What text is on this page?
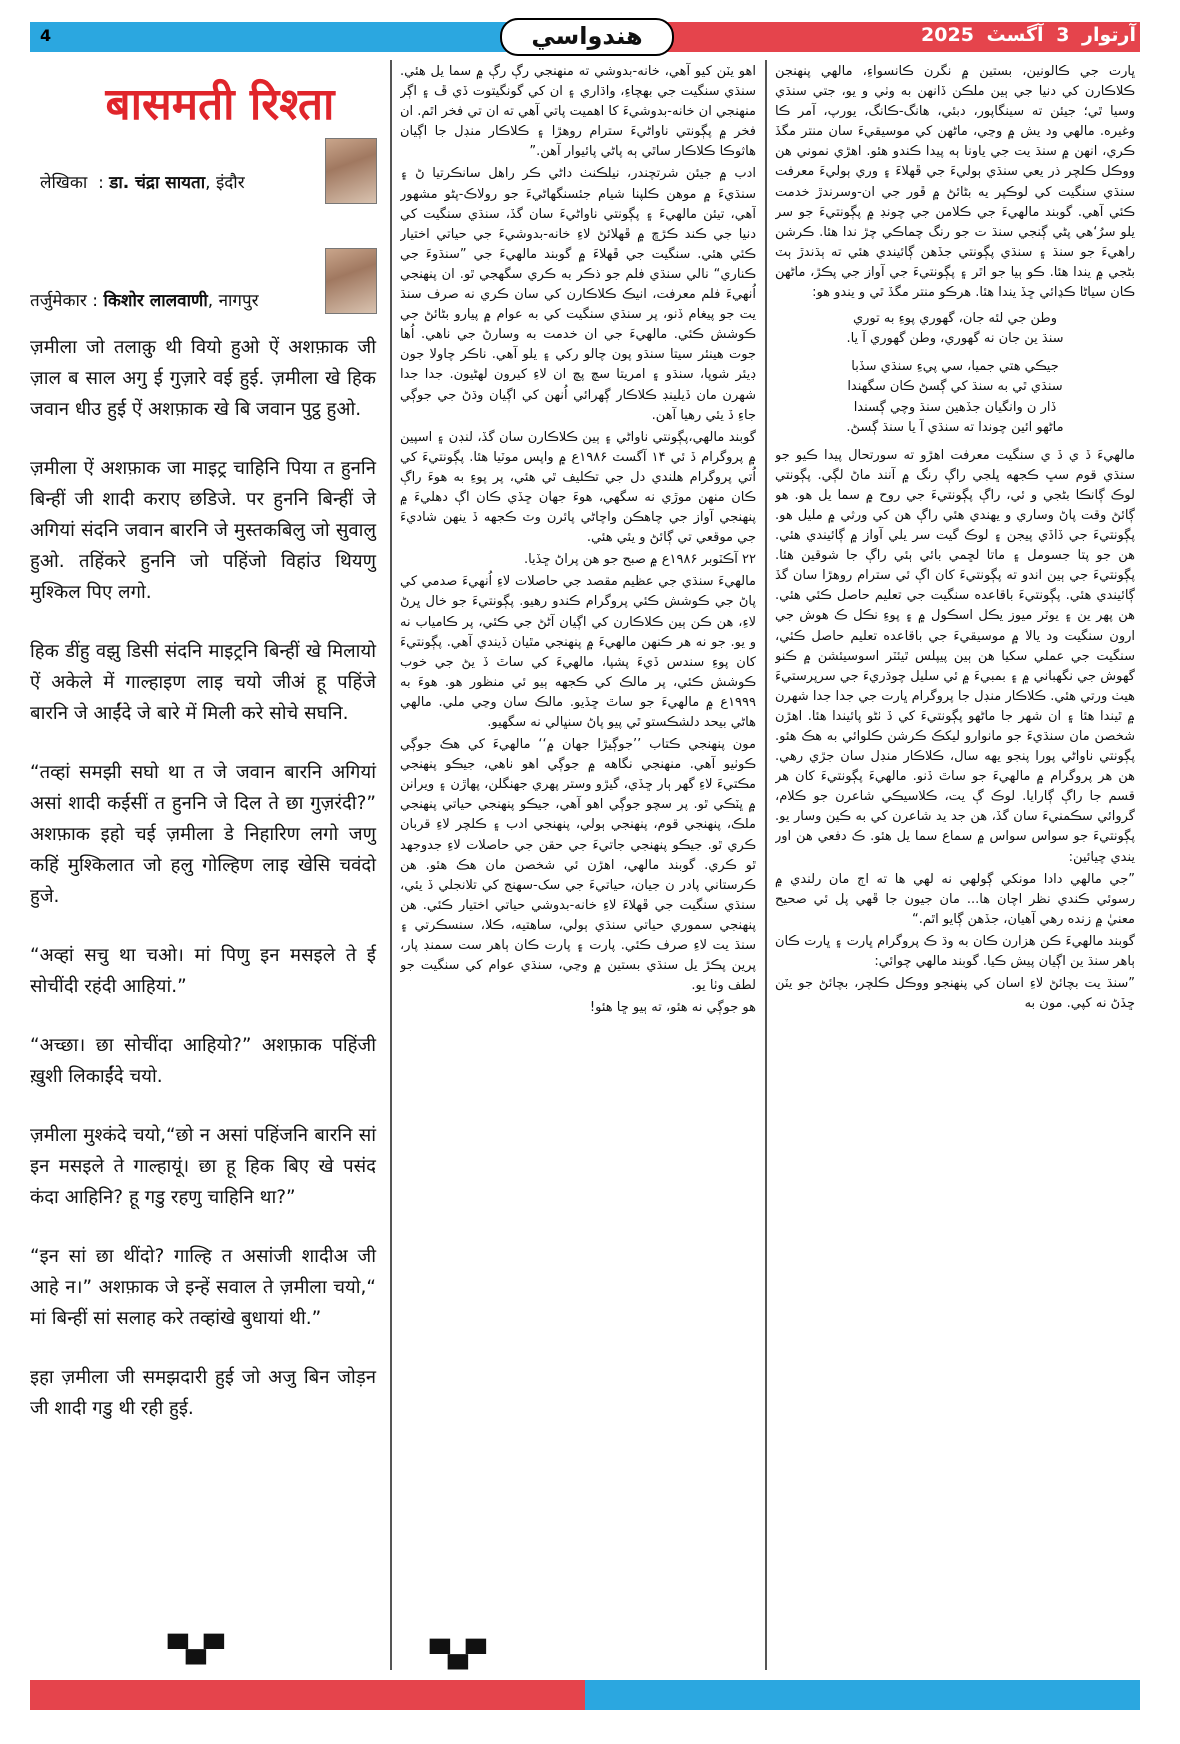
4	هندواسي	آرتوار 3 آگسٽ 2025
बासमती रिश्ता
लेखिका  : डा. चंद्रा सायता, इंदौर
तर्जुमेकार : किशोर लालवाणी, नागपुर

ज़मीला जो तलाक़ु थी वियो हुओ ऐं अशफ़ाक जी ज़ाल ब साल अगु ई गुज़ारे वई हुई. ज़मीला खे हिक जवान धीउ हुई ऐं अशफ़ाक खे बि जवान पुट्ठ हुओ.

ज़मीला ऐं अशफ़ाक जा माइट्र चाहिनि पिया त हुननि बिन्हीं जी शादी कराए छडिजे. पर हुननि बिन्हीं जे अगियां संदनि जवान बारनि जे मुस्तकबिलु जो सुवालु हुओ. तहिंकरे हुननि जो पहिंजो विहांउ थियणु मुश्किल पिए लगो.

हिक डींहु वझु डिसी संदनि माइट्रनि बिन्हीं खे मिलायो ऐं अकेले में गाल्हाइण लाइ चयो जीअं हू पहिंजे बारनि जे आईंदे जे बारे में मिली करे सोचे सघनि.

“तव्हां समझी सघो था त जे जवान बारनि अगियां असां शादी कईसीं त हुननि जे दिल ते छा गुज़रंदी?” अशफ़ाक इहो चई ज़मीला डे निहारिण लगो जणु कहिं मुश्किलात जो हलु गोल्हिण लाइ खेसि चवंदो हुजे.

“अव्हां सचु था चओ। मां पिणु इन मसइले ते ई सोचींदी रहंदी आहियां.”

“अच्छा। छा सोचींदा आहियो?” अशफ़ाक पहिंजी ख़ुशी लिकाईंदे चयो.

ज़मीला मुश्कंदे चयो,“छो न असां पहिंजनि बारनि सां इन मसइले ते गाल्हायूं। छा हू हिक बिए खे पसंद कंदा आहिनि? हू गडु रहणु चाहिनि था?”

“इन सां छा थींदो? गाल्हि त असांजी शादीअ जी आहे न।” अशफ़ाक जे इन्हें सवाल ते ज़मीला चयो,“ मां बिन्हीं सां सलाह करे तव्हांखे बुधायां थी.”

इहा ज़मीला जी समझदारी हुई जो अजु बिन जोड़न जी शादी गडु थी रही हुई.

▀▄▀

اهو يٽن کيو آهي، خانه-بدوشي ته منهنجي رڳ رڳ ۾ سما يل هئي. سنڌي سنگيت جي بهچاءِ، واڌاري ۽ ان کي گونگيتوت ڏي ڦ ۽ اڳر منهنجي ان خانه-بدوشيءَ کا اهميت پاتي آهي ته ان تي فخر اٿم. ان فخر ۾ پڳونتي ناواڻيءَ سترام روهڙا ۽ ڪلاڪار منڊل جا اڳيان هاثوڪا ڪلاڪار ساٿي ٻه پاڻي پائيوار آهن.”

ادب ۾ جيئن شرتچندر، نيلڪنٺ داڻي ڪر راهل سانڪرتيا ڻ ۽ سنڌيءَ ۾ موهن ڪلپنا شيام جئسنگهاڻيءَ جو رولاڪ-پڻو مشهور آهي، تيئن مالهيءَ ۽ پڳونتي ناواڻيءَ سان گڏ، سنڌي سنگيت کي دنيا جي ڪند ڪڙڇ ۾ ڦهلائڻ لاءِ خانه-بدوشيءَ جي حياتي اختيار ڪئي هئي. سنگيت جي ڦهلاءَ ۾ گوبند مالهيءَ جي ”سنڌوءَ جي ڪناري“ نالي سنڌي فلم جو ذڪر به ڪري سگهجي ٿو. ان پنهنجي اُنهيءَ فلم معرفت، انيڪ ڪلاڪارن کي سان ڪري نه صرف سنڌ يت جو پيغام ڏنو، پر سنڌي سنگيت کي به عوام ۾ پيارو بڻائڻ جي ڪوشش ڪئي. مالهيءَ جي ان خدمت به وسارڻ جي ناهي. اُها جوت هينئر سيتا سنڌو پون چالو رکي ۽ يلو آهي. ناڪر چاولا جون ڊيئر شوپا، سنڌو ۽ امريتا سچ پچ ان لاءِ کيرون لهڻيون. جدا جدا شهرن مان ڏيلينڊ ڪلاڪار ڳهرائي اُنهن کي اڳيان وڌڻ جي جوڳي جاءِ ڏ يئي رهيا آهن.

گوبند مالهي،پڳونتي ناواڻي ۽ ٻين ڪلاڪارن سان گڏ، لنڊن ۽ اسپين ۾ پروگرام ڏ ئي ۱۴ آگسٽ ۱۹۸۶ع ۾ واپس موٽيا هئا. پڳونتيءَ کي اُتي پروگرام هلندي دل جي تڪليف ٿي هئي، پر پوءِ به هوءَ راڳ ڪان منهن موڙي نه سگهي، هوءَ جهان ڇڏي ڪان اڳ دهليءَ ۾ پنهنجي آواز جي چاهڪن واچاڻي پائرن وٽ ڪجهه ڏ ينهن شاديءَ جي موقعي تي ڳائڻ و يئي هئي.

۲۲ آڪٽوبر ۱۹۸۶ع ۾ صبح جو هن پراڻ ڇڏيا.

مالهيءَ سنڌي جي عظيم مقصد جي حاصلات لاءِ اُنهيءَ صدمي کي پاڻ جي ڪوشش ڪئي پروگرام ڪندو رهيو. پڳونتيءَ جو خال ڀرڻ لاءِ، هن ڪن ٻين ڪلاڪارن کي اڳيان آڻڻ جي ڪئي، پر ڪامياب نه و يو. جو نه هر ڪنهن مالهيءَ ۾ پنهنجي مٿيان ڏيندي آهي. پڳونتيءَ کان پوءِ سندس ڏيءَ پشپا، مالهيءَ کي ساٿ ڏ يڻ جي خوب ڪوشش ڪئي، پر مالڪ کي ڪجهه ٻيو ئي منظور هو. هوءَ به ۱۹۹۹ع ۾ مالهيءَ جو ساٿ ڇڏيو. مالڪ سان وڃي ملي. مالهي هاڻي بيحد دلشڪستو ٿي پيو پاڻ سنڀالي نه سگهيو.

مون پنهنجي ڪتاب ’’جوڳيڙا جهان ۾‘‘ مالهيءَ کي هڪ جوڳي ڪوٺيو آهي. منهنجي نگاهه ۾ جوڳي اهو ناهي، جيڪو پنهنجي مڪتيءَ لاءِ گهر ٻار ڇڏي، گيڙو وستر پهري جهنگلن، پهاڙن ۽ ويرانن ۾ ڀٽڪي ٿو. پر سچو جوڳي اهو آهي، جيڪو پنهنجي حياتي پنهنجي ملڪ، پنهنجي قوم، پنهنجي ٻولي، پنهنجي ادب ۽ ڪلچر لاءِ قربان ڪري ٿو. جيڪو پنهنجي جاتيءَ جي حقن جي حاصلات لاءِ جدوجهد ٿو ڪري. گوبند مالهي، اهڙن ئي شخصن مان هڪ هئو. هن ڪرستاني پادر ن جيان، حياتيءَ جي سک-سهنج کي تلانجلي ڏ يئي، سنڌي سنگيت جي ڦهلاءَ لاءِ خانه-بدوشي حياتي اختيار ڪئي. هن پنهنجي سموري حياتي سنڌي ٻولي، ساهتيه، ڪلا، سنسڪرتي ۽ سنڌ يت لاءِ صرف ڪئي. پارت ۽ پارت ڪان ٻاهر ست سمنڊ پار، پرين پڪڙ يل سنڌي بستين ۾ وڃي، سنڌي عوام کي سنگيت جو لطف وٺا يو.

هو جوڳي نه هئو، ته ٻيو ڇا هئو!

▀▄▀

ڀارت جي ڪالونين، بستين ۾ نگرن ڪانسواءِ، مالهي پنهنجن ڪلاڪارن کي دنيا جي ٻين ملڪن ڏانهن به وٺي و يو، جتي سنڌي وسيا ٿي؛ جيئن ته سينگاپور، دبئي، هانگ-ڪانگ، يورپ، آمر ڪا وغيره. مالهي ود يش ۾ وڃي، ماڻهن کي موسيقيءَ سان منتر مگڏ ڪري، انهن ۾ سنڌ يت جي ياونا ٻه پيدا ڪندو هئو. اهڙي نموني هن ووڪل ڪلچر ذر يعي سنڌي ٻوليءَ جي ڦهلاءَ ۽ وري ٻوليءَ معرفت سنڌي سنگيت کي لوڪپر يه بڻائڻ ۾ ڦور جي ان-وسرندڙ خدمت ڪئي آهي. گوبند مالهيءَ جي ڪلامن جي چونڊ ۾ پڳونتيءَ جو سر يلو سرُ‘هي پڻي ڳنجي سنڌ ت جو رنگ چماڪي چڙ ندا هئا. ڪرشن راهيءَ جو سنڌ ۽ سنڌي پڳونتي جڏهن ڳائيندي هئي ته ٻڌندڙ ٻٽ بڻجي ۾ يندا هئا. ڪو ٻيا جو اٿر ۽ پڳونتيءَ جي آواز جي پڪڙ، ماڻهن ڪان سياڻا ڪڍائي ڇڏ يندا هئا. هرڪو منتر مگڏ ٿي و يندو هو:

وطن جي لئه جان، گهوري پوءِ به توري
سنڌ ين جان نه گهوري، وطن گهوري آ يا.
جيڪي هتي جميا، سي پيءِ سنڌي سڏبا
سنڌي ٿي به سنڌ کي ڳسڻ ڪان سگهندا
ڏار ن وانگيان جڏهين سنڌ وچي ڳسندا
ماڻهو ائين چوندا ته سنڌي آ يا سنڌ ڳسڻ.

مالهيءَ ڏ ي ڏ ي سنگيت معرفت اهڙو ته سورتحال پيدا ڪيو جو سنڌي قوم سڀ ڪجهه ڀلجي راڳ رنگ ۾ آنند ماڻ لڳي. پڳونتي لوڪ ڳانڪا بڻجي و ئي، راڳ پڳونتيءَ جي روح ۾ سما يل هو. هو ڳائڻ وقت پاڻ وساري و يهندي هئي راڳ هن کي ورثي ۾ مليل هو. پڳونتيءَ جي ڏاڏي پيجن ۽ لوڪ گيت سر يلي آواز ۾ ڳائيندي هئي. هن جو پتا جسومل ۽ ماتا لڇمي بائي ٻئي راڳ جا شوقين هئا. پڳونتيءَ جي ٻين اندو ته پڳونتيءَ کان اڳ ئي سترام روهڙا سان گڏ ڳائيندي هئي. پڳونتيءَ باقاعده سنگيت جي تعليم حاصل ڪئي هئي. هن پهر ين ۽ يوٽر ميوز يڪل اسڪول ۾ ۽ پوءِ نڪل ڪ هوش جي ارون سنگيت ود يالا ۾ موسيقيءَ جي باقاعده تعليم حاصل ڪئي، سنگيت جي عملي سکيا هن ٻين پيپلس ٿيئٽر اسوسيئشن ۾ ڪنو گهوش جي نگهباني ۾ ۽ بمبيءَ ۾ ئي سليل چوڌريءَ جي سرپرستيءَ هيٺ ورتي هئي. ڪلاڪار منڊل جا پروگرام ڀارت جي جدا جدا شهرن ۾ ٿيندا هئا ۽ ان شهر جا ماڻهو پڳونتيءَ کي ڏ ٺڻو پائيندا هئا. اهڙن شخصن مان سنڌيءَ جو مانوارو ليکڪ ڪرشن ڪلوائي به هڪ هئو. پڳونتي ناواڻي پورا پنجو يهه سال، ڪلاڪار منڊل سان جڙي رهي. هن هر پروگرام ۾ مالهيءَ جو ساٿ ڏنو. مالهيءَ پڳونتيءَ کان هر قسم جا راڳ ڳارايا. لوڪ ڳ يت، ڪلاسيڪي شاعرن جو ڪلام، گروائي سڪمنيءَ سان گڏ، هن جد يد شاعرن کي به ڪين وسار يو. پڳونتيءَ جو سواس سواس ۾ سماع سما يل هئو. ڪ دفعي هن اور يندي چيائين:

”جي مالهي دادا مونکي ڳولهي نه لهي ها ته اڄ مان رلندي ۾ رسوئي ڪندي نظر اچان ها... مان جيون جا ڦهي پل ئي صحيح معنيٰ ۾ زنده رهي آهيان، جڏهن ڳايو اٿم.“

گوبند مالهيءَ ڪن هزارن ڪان به وڌ ڪ پروگرام ڀارت ۽ ڀارت ڪان ٻاهر سنڌ ين اڳيان پيش ڪيا. گوبند مالهي چوائي:

”سنڌ يت بچائڻ لاءِ اسان کي پنهنجو ووڪل ڪلچر، بچائڻ جو يٽن ڇڏڻ نه کپي. مون به
